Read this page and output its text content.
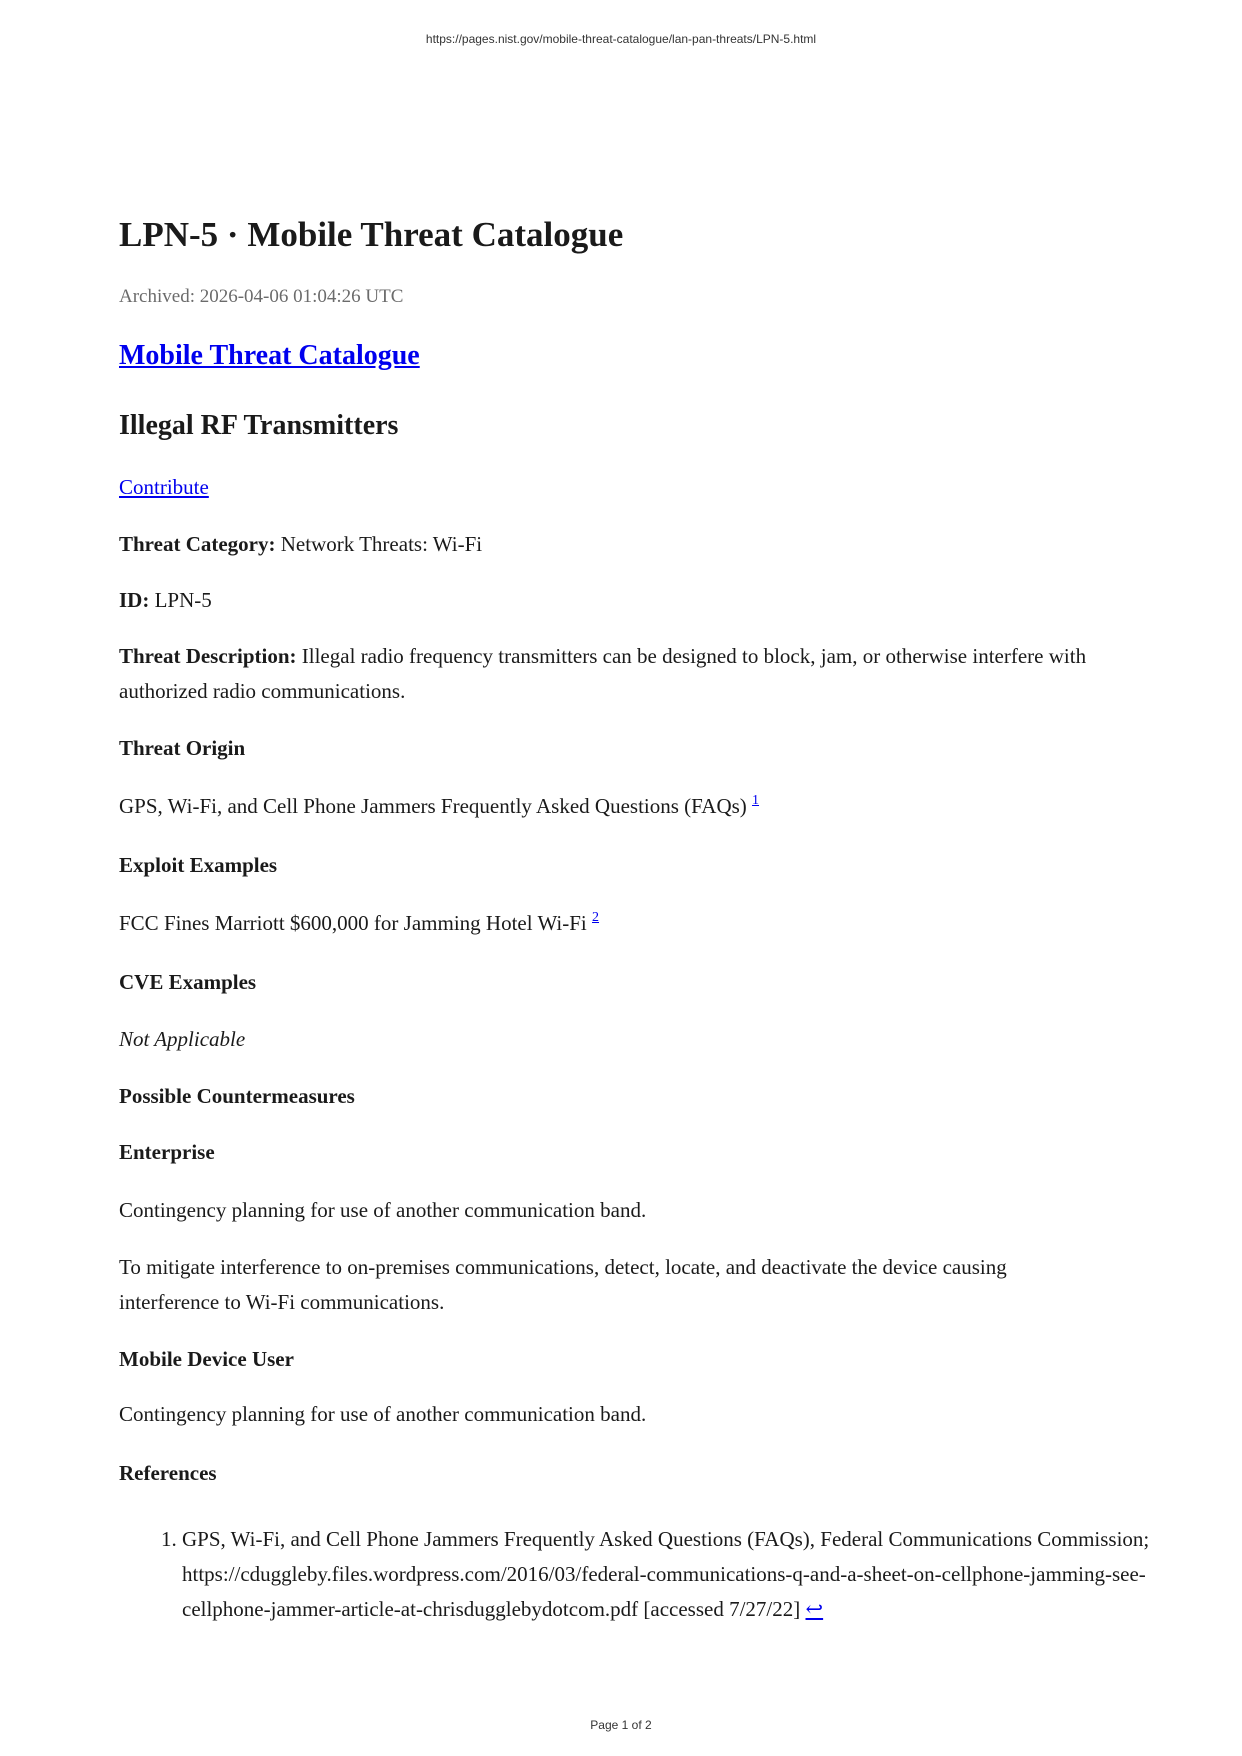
https://pages.nist.gov/mobile-threat-catalogue/lan-pan-threats/LPN-5.html
LPN-5 · Mobile Threat Catalogue
Archived: 2026-04-06 01:04:26 UTC
Mobile Threat Catalogue
Illegal RF Transmitters
Contribute
Threat Category: Network Threats: Wi-Fi
ID: LPN-5
Threat Description: Illegal radio frequency transmitters can be designed to block, jam, or otherwise interfere with authorized radio communications.
Threat Origin
GPS, Wi-Fi, and Cell Phone Jammers Frequently Asked Questions (FAQs) $^1$
Exploit Examples
FCC Fines Marriott $600,000 for Jamming Hotel Wi-Fi $^2$
CVE Examples
Not Applicable
Possible Countermeasures
Enterprise
Contingency planning for use of another communication band.
To mitigate interference to on-premises communications, detect, locate, and deactivate the device causing interference to Wi-Fi communications.
Mobile Device User
Contingency planning for use of another communication band.
References
1. GPS, Wi-Fi, and Cell Phone Jammers Frequently Asked Questions (FAQs), Federal Communications Commission; https://cduggleby.files.wordpress.com/2016/03/federal-communications-q-and-a-sheet-on-cellphone-jamming-see-cellphone-jammer-article-at-chrisdugglebydotcom.pdf [accessed 7/27/22] ↩
Page 1 of 2
